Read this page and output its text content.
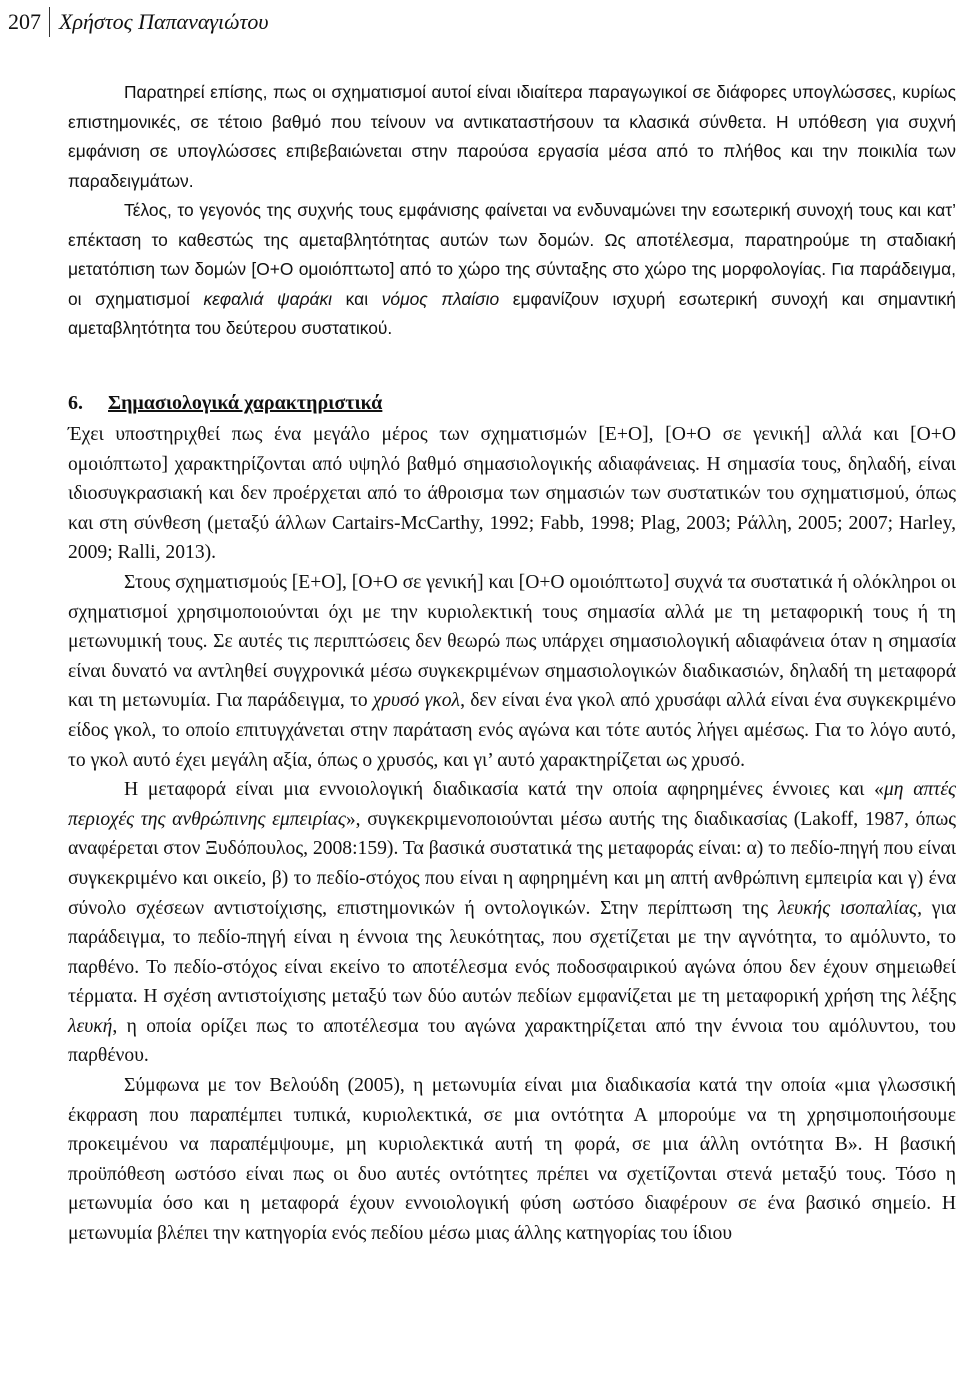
207 Χρήστος Παπαναγιώτου

Παρατηρεί επίσης, πως οι σχηματισμοί αυτοί είναι ιδιαίτερα παραγωγικοί σε διάφορες υπογλώσσες, κυρίως επιστημονικές, σε τέτοιο βαθμό που τείνουν να αντικαταστήσουν τα κλασικά σύνθετα. Η υπόθεση για συχνή εμφάνιση σε υπογλώσσες επιβεβαιώνεται στην παρούσα εργασία μέσα από το πλήθος και την ποικιλία των παραδειγμάτων.

Τέλος, το γεγονός της συχνής τους εμφάνισης φαίνεται να ενδυναμώνει την εσωτερική συνοχή τους και κατ’ επέκταση το καθεστώς της αμεταβλητότητας αυτών των δομών. Ως αποτέλεσμα, παρατηρούμε τη σταδιακή μετατόπιση των δομών [Ο+Ο ομοιόπτωτο] από το χώρο της σύνταξης στο χώρο της μορφολογίας. Για παράδειγμα, οι σχηματισμοί κεφαλιά ψαράκι και νόμος πλαίσιο εμφανίζουν ισχυρή εσωτερική συνοχή και σημαντική αμεταβλητότητα του δεύτερου συστατικού.

6. Σημασιολογικά χαρακτηριστικά

Έχει υποστηριχθεί πως ένα μεγάλο μέρος των σχηματισμών [Ε+Ο], [Ο+Ο σε γενική] αλλά και [Ο+Ο ομοιόπτωτο] χαρακτηρίζονται από υψηλό βαθμό σημασιολογικής αδιαφάνειας. Η σημασία τους, δηλαδή, είναι ιδιοσυγκρασιακή και δεν προέρχεται από το άθροισμα των σημασιών των συστατικών του σχηματισμού, όπως και στη σύνθεση (μεταξύ άλλων Cartairs-McCarthy, 1992; Fabb, 1998; Plag, 2003; Ράλλη, 2005; 2007; Harley, 2009; Ralli, 2013).

Στους σχηματισμούς [Ε+Ο], [Ο+Ο σε γενική] και [Ο+Ο ομοιόπτωτο] συχνά τα συστατικά ή ολόκληροι οι σχηματισμοί χρησιμοποιούνται όχι με την κυριολεκτική τους σημασία αλλά με τη μεταφορική τους ή τη μετωνυμική τους. Σε αυτές τις περιπτώσεις δεν θεωρώ πως υπάρχει σημασιολογική αδιαφάνεια όταν η σημασία είναι δυνατό να αντληθεί συγχρονικά μέσω συγκεκριμένων σημασιολογικών διαδικασιών, δηλαδή τη μεταφορά και τη μετωνυμία. Για παράδειγμα, το χρυσό γκολ, δεν είναι ένα γκολ από χρυσάφι αλλά είναι ένα συγκεκριμένο είδος γκολ, το οποίο επιτυγχάνεται στην παράταση ενός αγώνα και τότε αυτός λήγει αμέσως. Για το λόγο αυτό, το γκολ αυτό έχει μεγάλη αξία, όπως ο χρυσός, και γι’ αυτό χαρακτηρίζεται ως χρυσό.

Η μεταφορά είναι μια εννοιολογική διαδικασία κατά την οποία αφηρημένες έννοιες και «μη απτές περιοχές της ανθρώπινης εμπειρίας», συγκεκριμενοποιούνται μέσω αυτής της διαδικασίας (Lakoff, 1987, όπως αναφέρεται στον Ξυδόπουλος, 2008:159). Τα βασικά συστατικά της μεταφοράς είναι: α) το πεδίο-πηγή που είναι συγκεκριμένο και οικείο, β) το πεδίο-στόχος που είναι η αφηρημένη και μη απτή ανθρώπινη εμπειρία και γ) ένα σύνολο σχέσεων αντιστοίχισης, επιστημονικών ή οντολογικών. Στην περίπτωση της λευκής ισοπαλίας, για παράδειγμα, το πεδίο-πηγή είναι η έννοια της λευκότητας, που σχετίζεται με την αγνότητα, το αμόλυντο, το παρθένο. Το πεδίο-στόχος είναι εκείνο το αποτέλεσμα ενός ποδοσφαιρικού αγώνα όπου δεν έχουν σημειωθεί τέρματα. Η σχέση αντιστοίχισης μεταξύ των δύο αυτών πεδίων εμφανίζεται με τη μεταφορική χρήση της λέξης λευκή, η οποία ορίζει πως το αποτέλεσμα του αγώνα χαρακτηρίζεται από την έννοια του αμόλυντου, του παρθένου.

Σύμφωνα με τον Βελούδη (2005), η μετωνυμία είναι μια διαδικασία κατά την οποία «μια γλωσσική έκφραση που παραπέμπει τυπικά, κυριολεκτικά, σε μια οντότητα Α μπορούμε να τη χρησιμοποιήσουμε προκειμένου να παραπέμψουμε, μη κυριολεκτικά αυτή τη φορά, σε μια άλλη οντότητα Β». Η βασική προϋπόθεση ωστόσο είναι πως οι δυο αυτές οντότητες πρέπει να σχετίζονται στενά μεταξύ τους. Τόσο η μετωνυμία όσο και η μεταφορά έχουν εννοιολογική φύση ωστόσο διαφέρουν σε ένα βασικό σημείο. Η μετωνυμία βλέπει την κατηγορία ενός πεδίου μέσω μιας άλλης κατηγορίας του ίδιου
